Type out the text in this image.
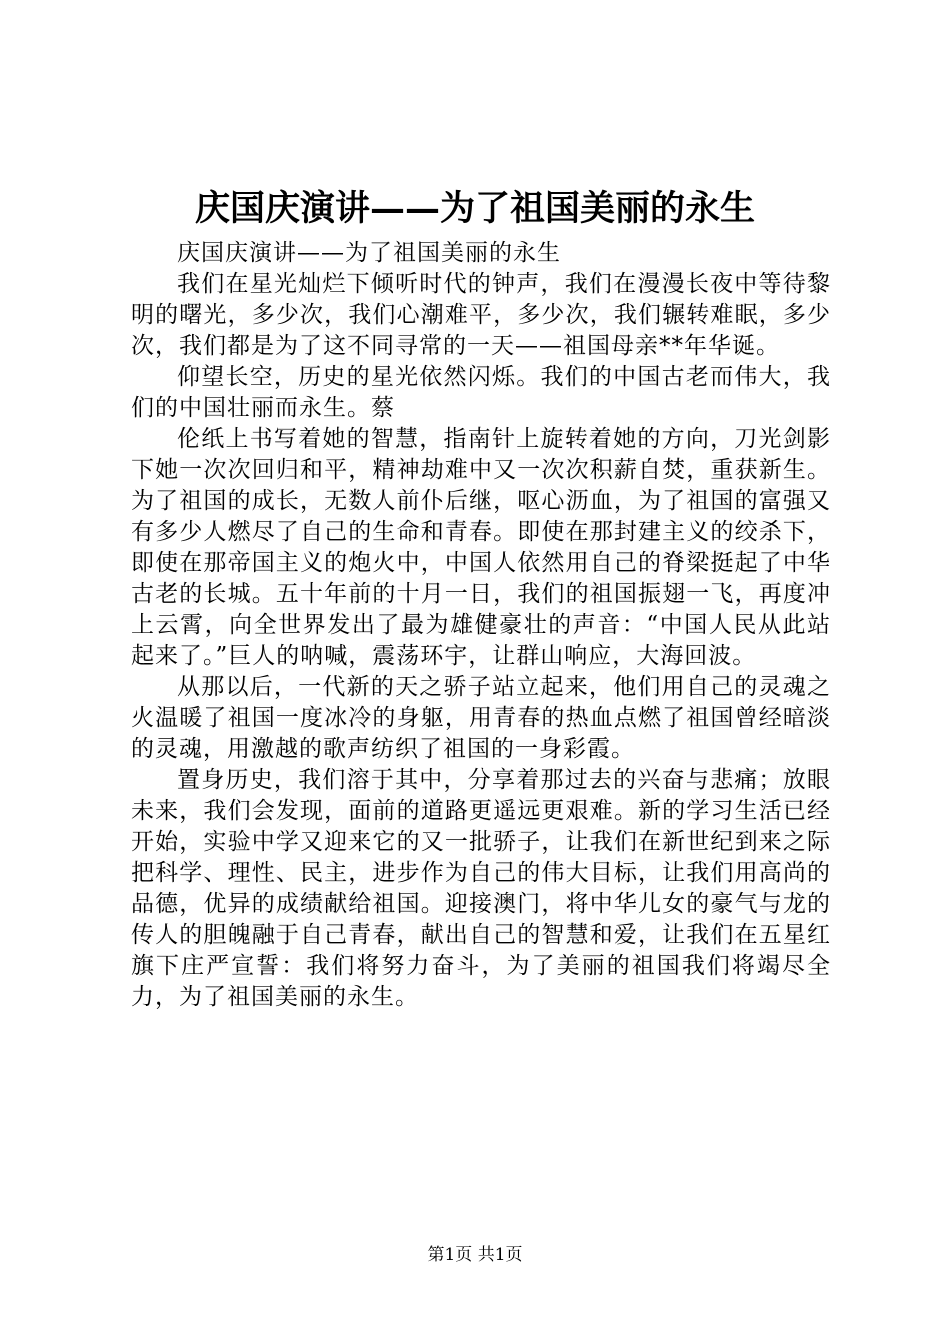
庆国庆演讲——为了祖国美丽的永生

庆国庆演讲——为了祖国美丽的永生

我们在星光灿烂下倾听时代的钟声，我们在漫漫长夜中等待黎明的曙光，多少次，我们心潮难平，多少次，我们辗转难眠，多少次，我们都是为了这不同寻常的一天——祖国母亲**年华诞。

仰望长空，历史的星光依然闪烁。我们的中国古老而伟大，我们的中国壮丽而永生。蔡

伦纸上书写着她的智慧，指南针上旋转着她的方向，刀光剑影下她一次次回归和平，精神劫难中又一次次积薪自焚，重获新生。为了祖国的成长，无数人前仆后继，呕心沥血，为了祖国的富强又有多少人燃尽了自己的生命和青春。即使在那封建主义的绞杀下，即使在那帝国主义的炮火中，中国人依然用自己的脊梁挺起了中华古老的长城。五十年前的十月一日，我们的祖国振翅一飞，再度冲上云霄，向全世界发出了最为雄健豪壮的声音：“中国人民从此站起来了。”巨人的呐喊，震荡环宇，让群山响应，大海回波。

从那以后，一代新的天之骄子站立起来，他们用自己的灵魂之火温暖了祖国一度冰冷的身躯，用青春的热血点燃了祖国曾经暗淡的灵魂，用激越的歌声纺织了祖国的一身彩霞。

置身历史，我们溶于其中，分享着那过去的兴奋与悲痛；放眼未来，我们会发现，面前的道路更遥远更艰难。新的学习生活已经开始，实验中学又迎来它的又一批骄子，让我们在新世纪到来之际把科学、理性、民主，进步作为自己的伟大目标，让我们用高尚的品德，优异的成绩献给祖国。迎接澳门，将中华儿女的豪气与龙的传人的胆魄融于自己青春，献出自己的智慧和爱，让我们在五星红旗下庄严宣誓：我们将努力奋斗，为了美丽的祖国我们将竭尽全力，为了祖国美丽的永生。

第1页 共1页
